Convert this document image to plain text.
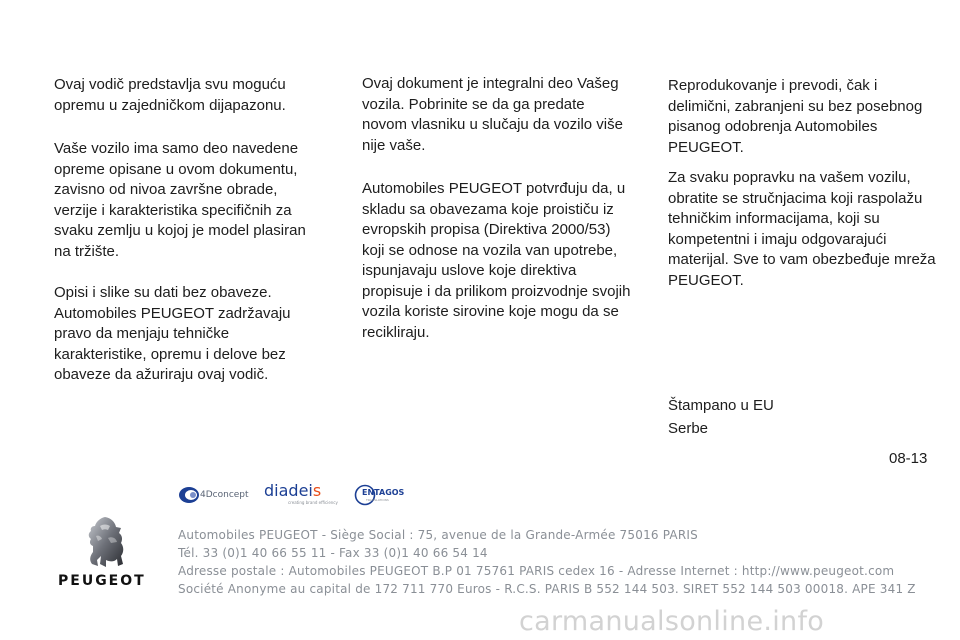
Ovaj vodič predstavlja svu moguću opremu u zajedničkom dijapazonu.

Vaše vozilo ima samo deo navedene opreme opisane u ovom dokumentu, zavisno od nivoa završne obrade, verzije i karakteristika specifičnih za svaku zemlju u kojoj je model plasiran na tržište.

Opisi i slike su dati bez obaveze. Automobiles PEUGEOT zadržavaju pravo da menjaju tehničke karakteristike, opremu i delove bez obaveze da ažuriraju ovaj vodič.

Ovaj dokument je integralni deo Vašeg vozila. Pobrinite se da ga predate novom vlasniku u slučaju da vozilo više nije vaše.

Automobiles PEUGEOT potvrđuju da, u skladu sa obavezama koje proističu iz evropskih propisa (Direktiva 2000/53) koji se odnose na vozila van upotrebe, ispunjavaju uslove koje direktiva propisuje i da prilikom proizvodnje svojih vozila koriste sirovine koje mogu da se recikliraju.

Reprodukovanje i prevodi, čak i delimični, zabranjeni su bez posebnog pisanog odobrenja Automobiles PEUGEOT.

Za svaku popravku na vašem vozilu, obratite se stručnjacima koji raspolažu tehničkim informacijama, koji su kompetentni i imaju odgovarajući materijal. Sve to vam obezbeđuje mreža PEUGEOT.

Štampano u EU
Serbe
08-13
4Dconcept diadeis
creating brand efficiency
ENTAGOS
TRANSLATIONS
PEUGEOT
Automobiles PEUGEOT - Siège Social : 75, avenue de la Grande-Armée 75016 PARIS
Tél. 33 (0)1 40 66 55 11 - Fax 33 (0)1 40 66 54 14
Adresse postale : Automobiles PEUGEOT B.P 01 75761 PARIS cedex 16 - Adresse Internet : http://www.peugeot.com
Société Anonyme au capital de 172 711 770 Euros - R.C.S. PARIS B 552 144 503. SIRET 552 144 503 00018. APE 341 Z
carmanualsonline.info
